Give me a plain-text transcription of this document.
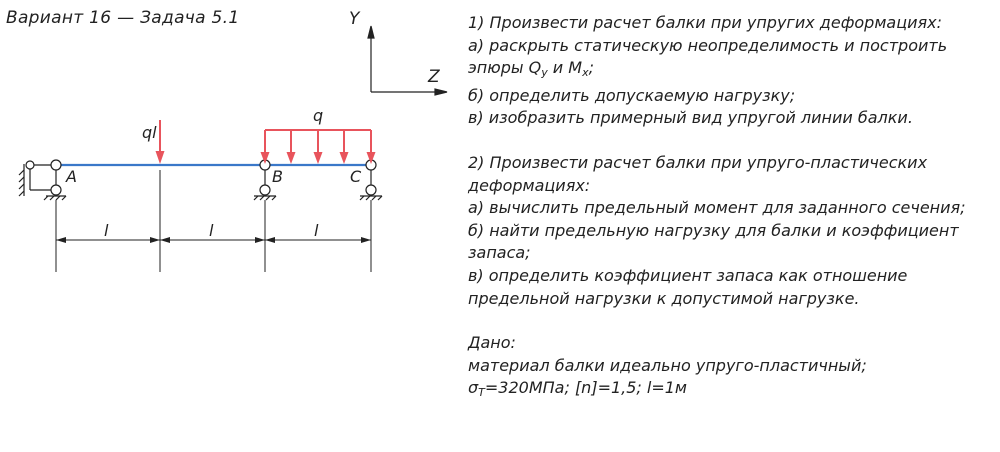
Вариант 16 — Задача 5.1	Y
Z
A	B	C
ql
q
l	l	l
1) Произвести расчет балки при упругих деформациях:
а) раскрыть статическую неопределимость и построить
эпюры $Q_y$ и $M_x$;
б) определить допускаемую нагрузку;
в) изобразить примерный вид упругой линии балки.
2) Произвести расчет балки при упруго-пластических
деформациях:
а) вычислить предельный момент для заданного сечения;
б) найти предельную нагрузку для балки и коэффициент
запаса;
в) определить коэффициент запаса как отношение
предельной нагрузки к допустимой нагрузке.
Дано:
материал балки идеально упруго-пластичный;
$\sigma_T=320МПа$; [n]=1,5; l=1м
